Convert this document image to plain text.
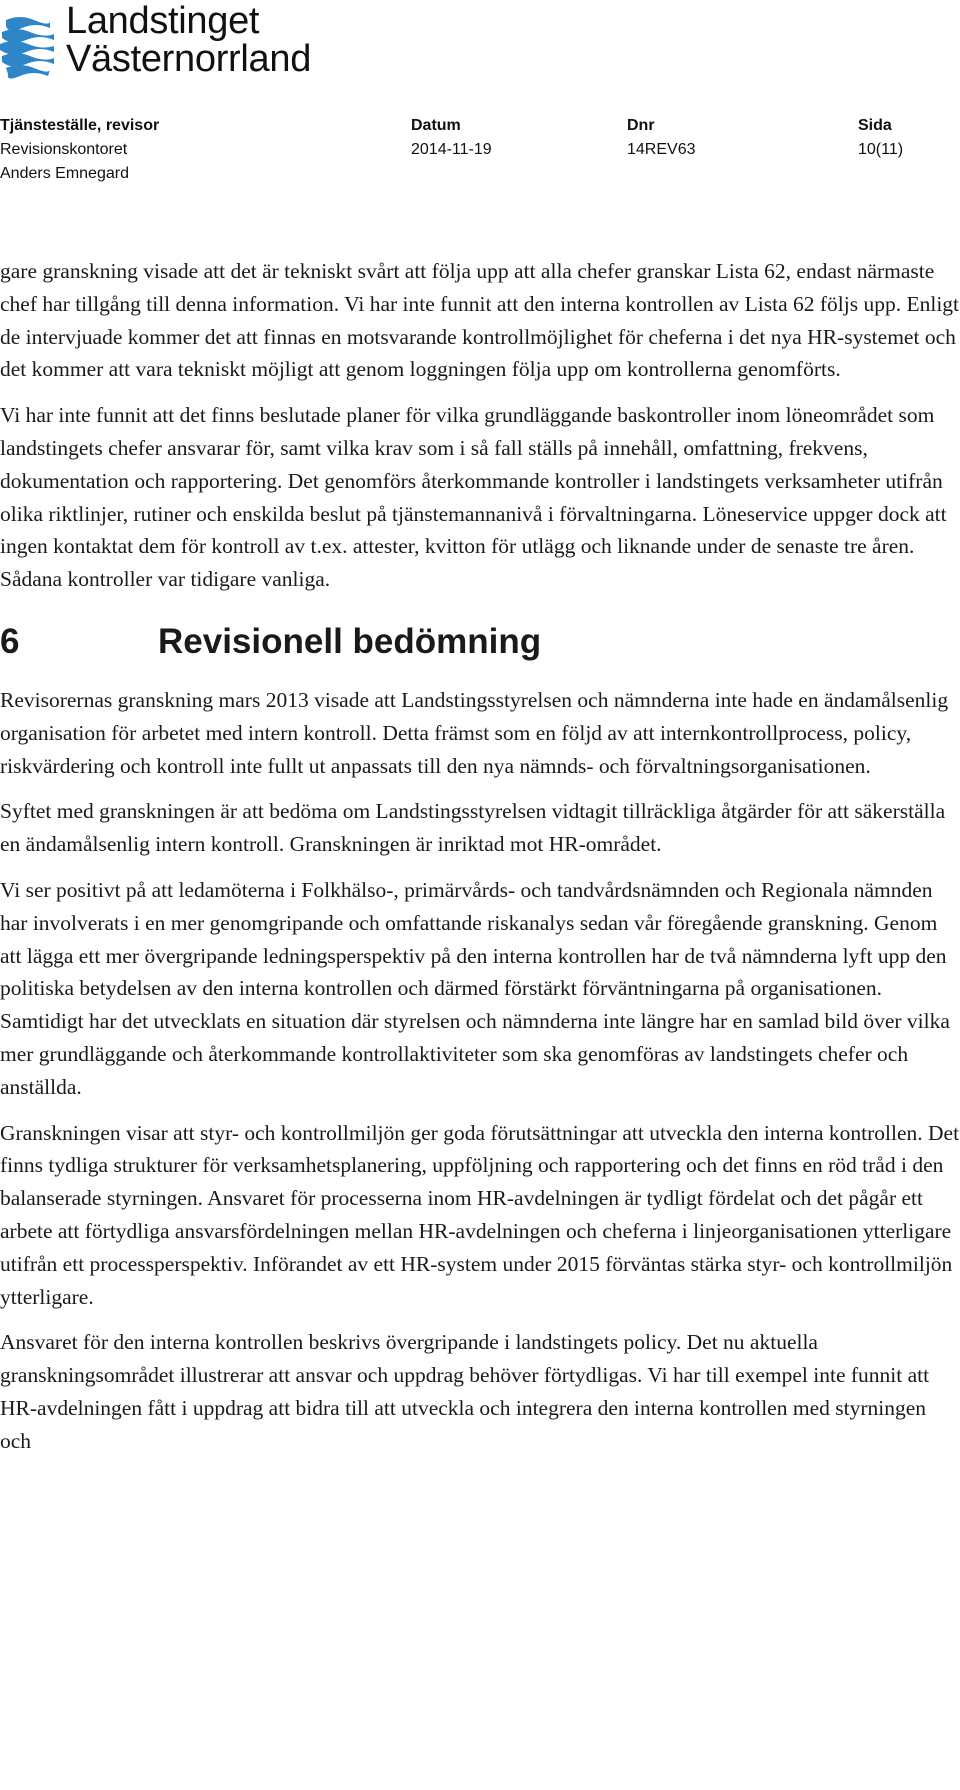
Landstinget
Västernorrland
Tjänsteställe, revisor
Revisionskontoret
Anders Emnegard
Datum
2014-11-19
Dnr
14REV63
Sida
10(11)

gare granskning visade att det är tekniskt svårt att följa upp att alla chefer granskar Lista 62, endast närmaste chef har tillgång till denna information. Vi har inte funnit att den interna kontrollen av Lista 62 följs upp. Enligt de intervjuade kommer det att finnas en motsvarande kontrollmöjlighet för cheferna i det nya HR-systemet och det kommer att vara tekniskt möjligt att genom loggningen följa upp om kontrollerna genomförts.

Vi har inte funnit att det finns beslutade planer för vilka grundläggande baskontroller inom löneområdet som landstingets chefer ansvarar för, samt vilka krav som i så fall ställs på innehåll, omfattning, frekvens, dokumentation och rapportering. Det genomförs återkommande kontroller i landstingets verksamheter utifrån olika riktlinjer, rutiner och enskilda beslut på tjänstemannanivå i förvaltningarna. Löneservice uppger dock att ingen kontaktat dem för kontroll av t.ex. attester, kvitton för utlägg och liknande under de senaste tre åren. Sådana kontroller var tidigare vanliga.

6	Revisionell bedömning

Revisorernas granskning mars 2013 visade att Landstingsstyrelsen och nämnderna inte hade en ändamålsenlig organisation för arbetet med intern kontroll. Detta främst som en följd av att internkontrollprocess, policy, riskvärdering och kontroll inte fullt ut anpassats till den nya nämnds- och förvaltningsorganisationen.

Syftet med granskningen är att bedöma om Landstingsstyrelsen vidtagit tillräckliga åtgärder för att säkerställa en ändamålsenlig intern kontroll. Granskningen är inriktad mot HR-området.

Vi ser positivt på att ledamöterna i Folkhälso-, primärvårds- och tandvårdsnämnden och Regionala nämnden har involverats i en mer genomgripande och omfattande riskanalys sedan vår föregående granskning. Genom att lägga ett mer övergripande ledningsperspektiv på den interna kontrollen har de två nämnderna lyft upp den politiska betydelsen av den interna kontrollen och därmed förstärkt förväntningarna på organisationen. Samtidigt har det utvecklats en situation där styrelsen och nämnderna inte längre har en samlad bild över vilka mer grundläggande och återkommande kontrollaktiviteter som ska genomföras av landstingets chefer och anställda.

Granskningen visar att styr- och kontrollmiljön ger goda förutsättningar att utveckla den interna kontrollen. Det finns tydliga strukturer för verksamhetsplanering, uppföljning och rapportering och det finns en röd tråd i den balanserade styrningen. Ansvaret för processerna inom HR-avdelningen är tydligt fördelat och det pågår ett arbete att förtydliga ansvarsfördelningen mellan HR-avdelningen och cheferna i linjeorganisationen ytterligare utifrån ett processperspektiv. Införandet av ett HR-system under 2015 förväntas stärka styr- och kontrollmiljön ytterligare.

Ansvaret för den interna kontrollen beskrivs övergripande i landstingets policy. Det nu aktuella granskningsområdet illustrerar att ansvar och uppdrag behöver förtydligas. Vi har till exempel inte funnit att HR-avdelningen fått i uppdrag att bidra till att utveckla och integrera den interna kontrollen med styrningen och
